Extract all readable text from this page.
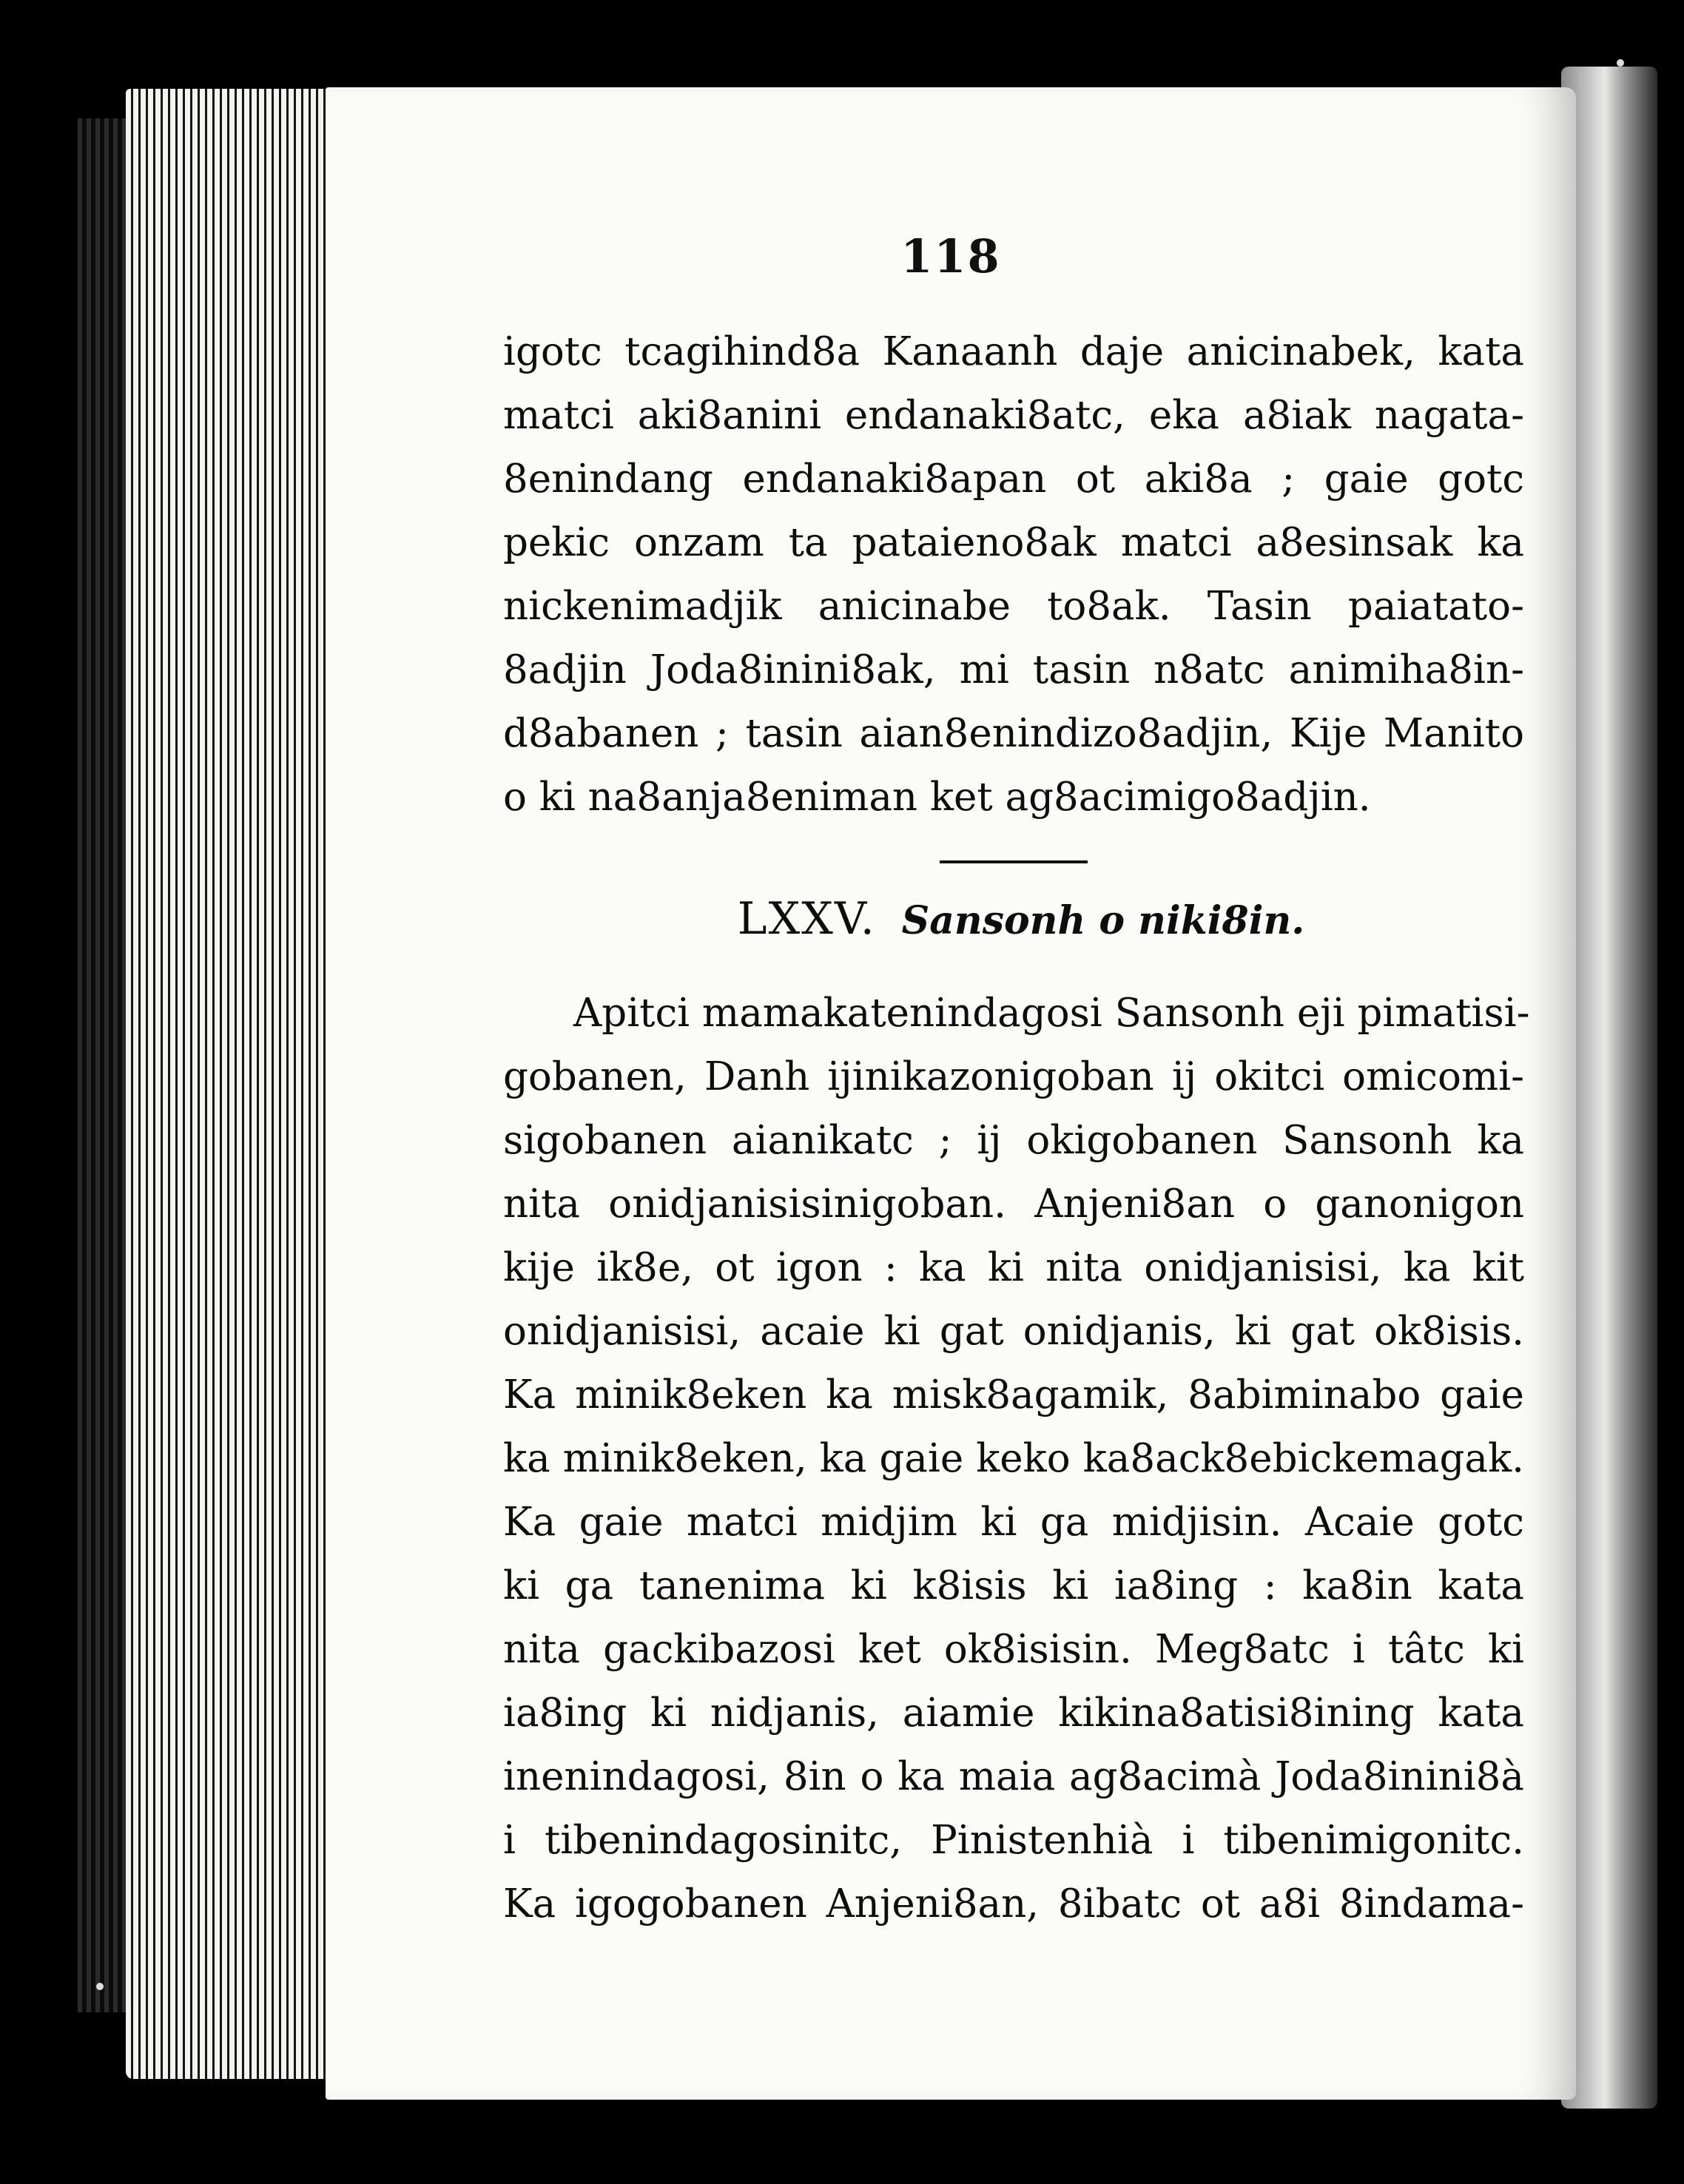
118
igotc tcagihind8a Kanaanh daje anicinabek, kata
matci aki8anini endanaki8atc, eka a8iak nagata-
8enindang endanaki8apan ot aki8a ; gaie gotc
pekic onzam ta pataieno8ak matci a8esinsak ka
nickenimadjik anicinabe to8ak. Tasin paiatato-
8adjin Joda8inini8ak, mi tasin n8atc animiha8in-
d8abanen ; tasin aian8enindizo8adjin, Kije Manito
o ki na8anja8eniman ket ag8acimigo8adjin.
LXXV. Sansonh o niki8in.
Apitci mamakatenindagosi Sansonh eji pimatisi-
gobanen, Danh ijinikazonigoban ij okitci omicomi-
sigobanen aianikatc ; ij okigobanen Sansonh ka
nita onidjanisisinigoban. Anjeni8an o ganonigon
kije ik8e, ot igon : ka ki nita onidjanisisi, ka kit
onidjanisisi, acaie ki gat onidjanis, ki gat ok8isis.
Ka minik8eken ka misk8agamik, 8abiminabo gaie
ka minik8eken, ka gaie keko ka8ack8ebickemagak.
Ka gaie matci midjim ki ga midjisin. Acaie gotc
ki ga tanenima ki k8isis ki ia8ing : ka8in kata
nita gackibazosi ket ok8isisin. Meg8atc i tâtc ki
ia8ing ki nidjanis, aiamie kikina8atisi8ining kata
inenindagosi, 8in o ka maia ag8acimà Joda8inini8à
i tibenindagosinitc, Pinistenhià i tibenimigonitc.
Ka igogobanen Anjeni8an, 8ibatc ot a8i 8indama-
